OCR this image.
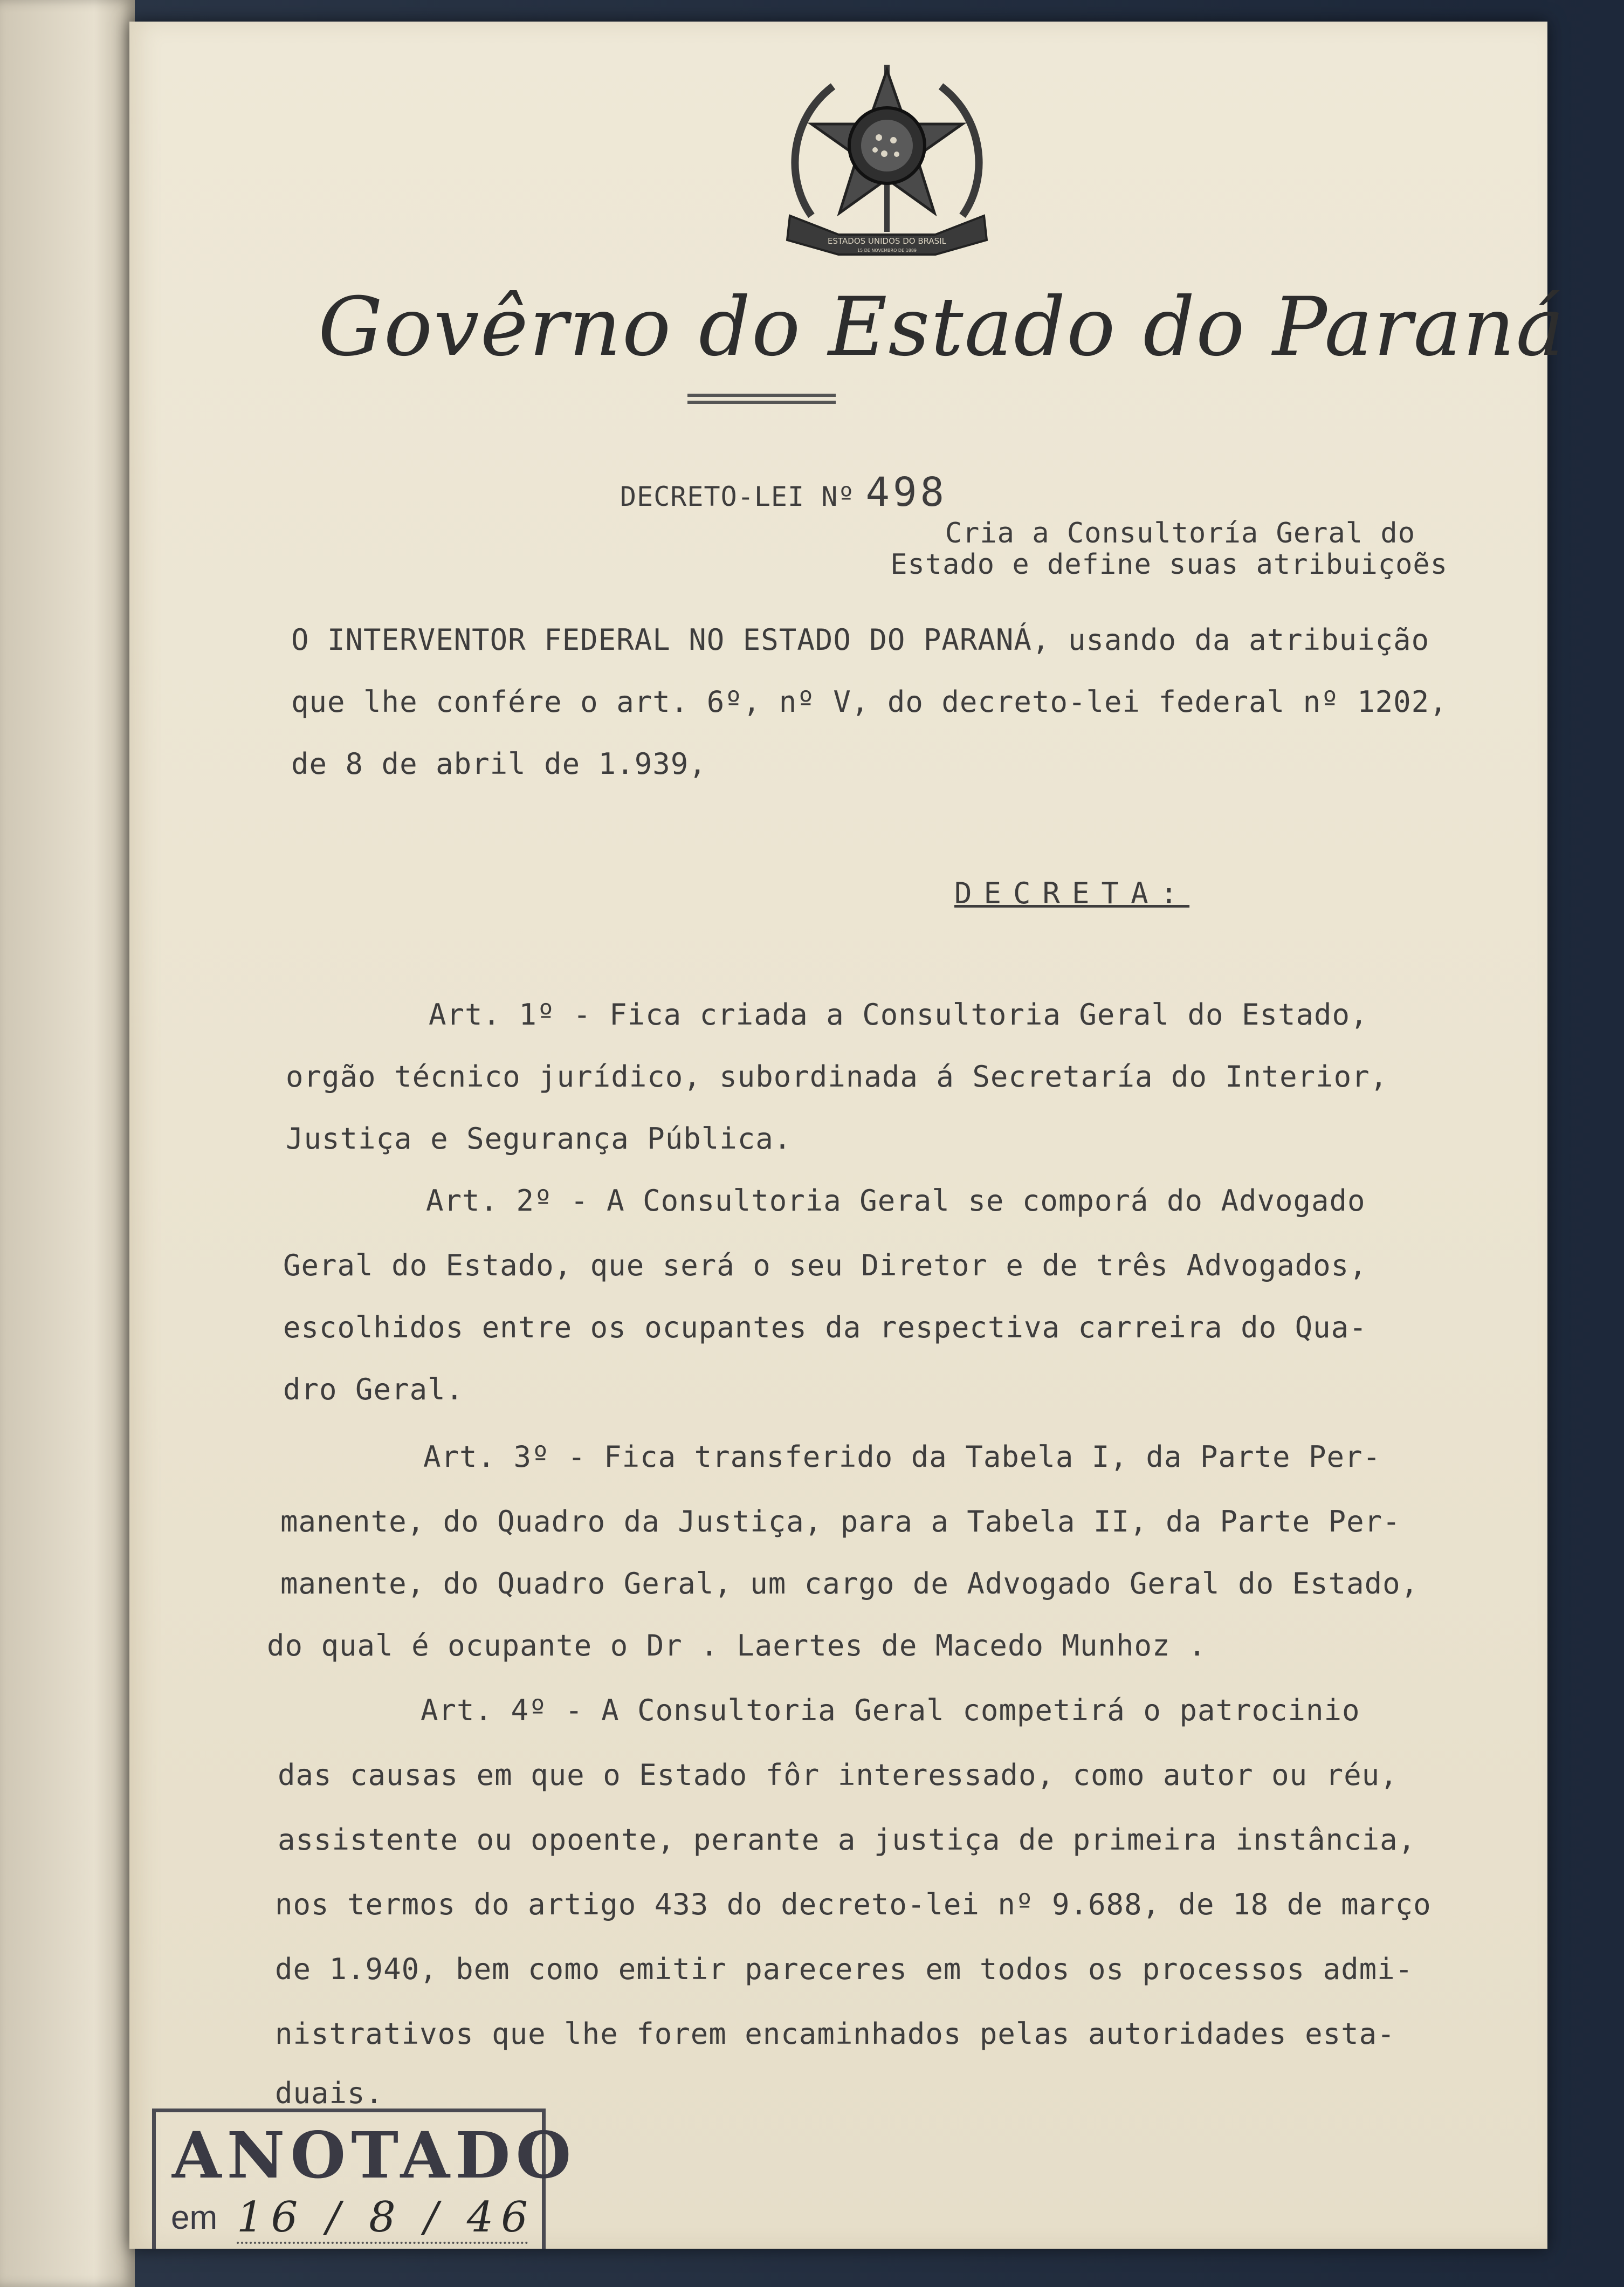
ESTADOS UNIDOS DO BRASIL
15 DE NOVEMBRO DE 1889
Govêrno do Estado do Paraná
DECRETO-LEI Nº 498
Cria a Consultoría Geral do
Estado e define suas atribuiçoẽs
O INTERVENTOR FEDERAL NO ESTADO DO PARANÁ, usando da atribuição
que lhe confére o art. 6º, nº V, do decreto-lei federal nº 1202,
de 8 de abril de 1.939,
DECRETA:
Art. 1º - Fica criada a Consultoria Geral do Estado,
orgão técnico jurídico, subordinada á Secretaría do Interior,
Justiça e Segurança Pública.
Art. 2º - A Consultoria Geral se comporá do Advogado
Geral do Estado, que será o seu Diretor e de três Advogados,
escolhidos entre os ocupantes da respectiva carreira do Qua-
dro Geral.
Art. 3º - Fica transferido da Tabela I, da Parte Per-
manente, do Quadro da Justiça, para a Tabela II, da Parte Per-
manente, do Quadro Geral, um cargo de Advogado Geral do Estado,
do qual é ocupante o Dr . Laertes de Macedo Munhoz .
Art. 4º - A Consultoria Geral competirá o patrocinio
das causas em que o Estado fôr interessado, como autor ou réu,
assistente ou opoente, perante a justiça de primeira instância,
nos termos do artigo 433 do decreto-lei nº 9.688, de 18 de março
de 1.940, bem como emitir pareceres em todos os processos admi-
nistrativos que lhe forem encaminhados pelas autoridades esta-
duais.
ANOTADO
em 16 / 8 / 46
